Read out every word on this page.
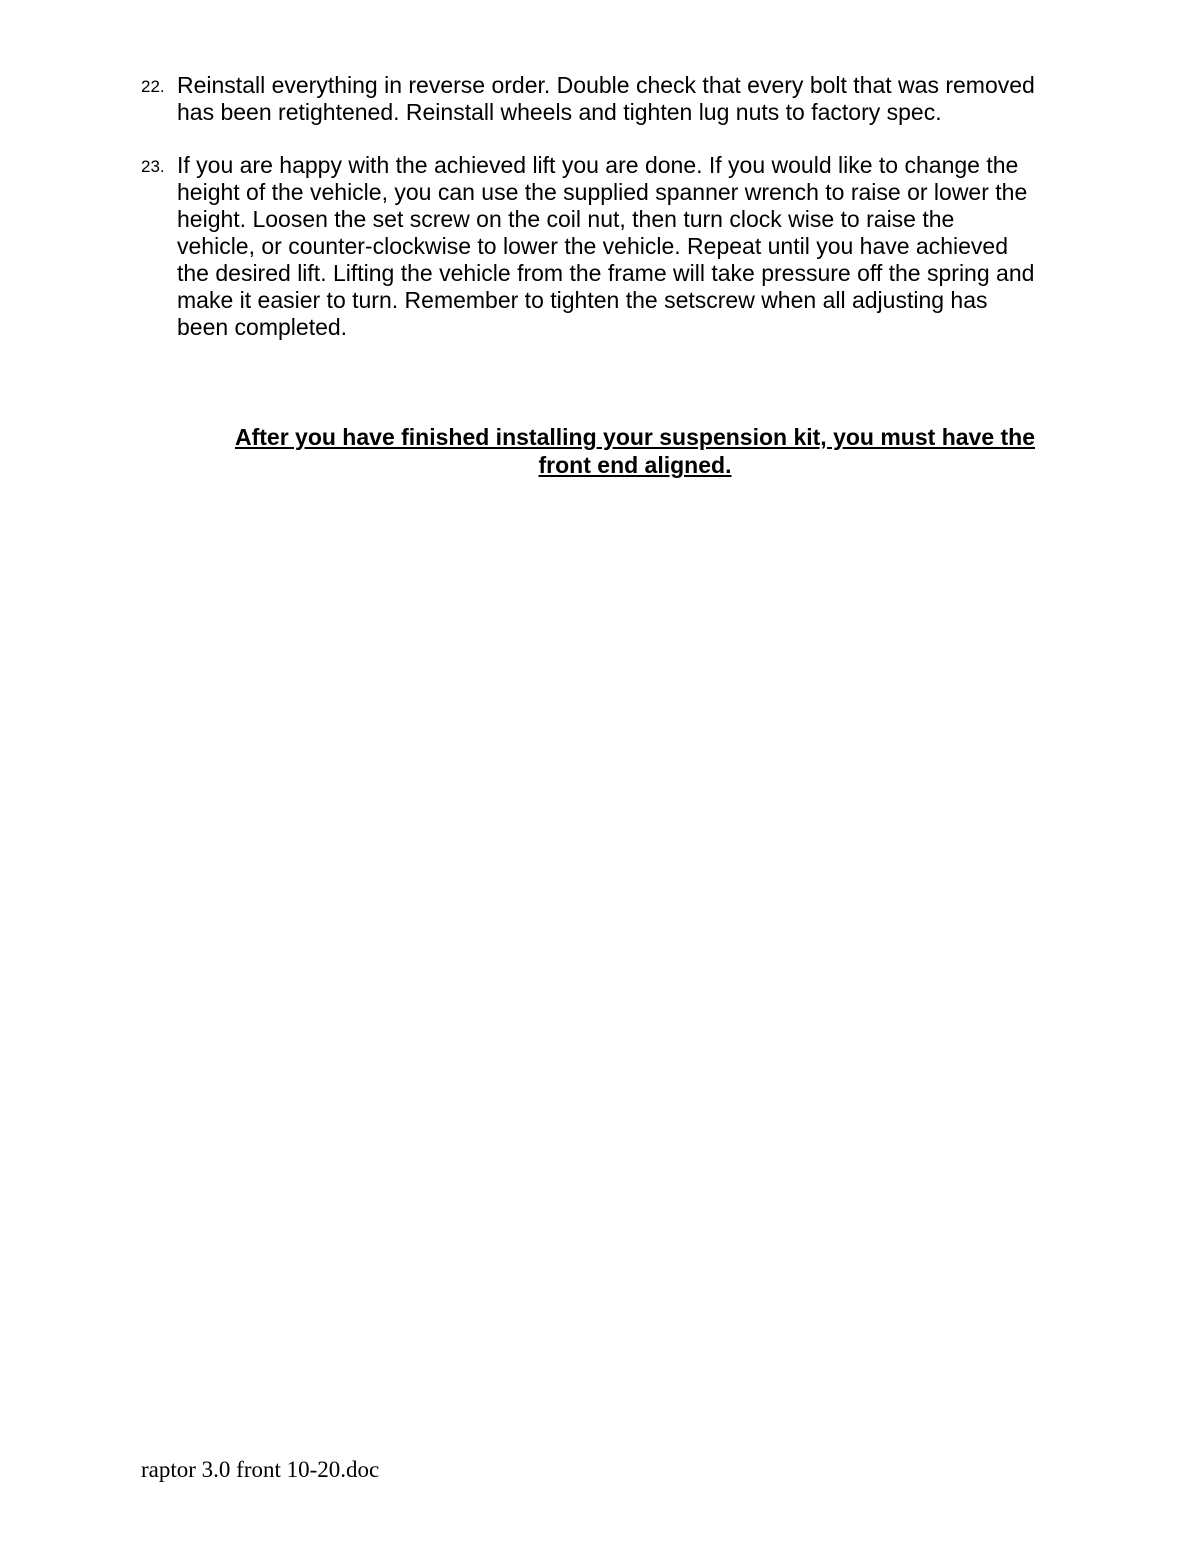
22. Reinstall everything in reverse order. Double check that every bolt that was removed
has been retightened. Reinstall wheels and tighten lug nuts to factory spec.
23. If you are happy with the achieved lift you are done. If you would like to change the
height of the vehicle, you can use the supplied spanner wrench to raise or lower the
height. Loosen the set screw on the coil nut, then turn clock wise to raise the
vehicle, or counter-clockwise to lower the vehicle. Repeat until you have achieved
the desired lift. Lifting the vehicle from the frame will take pressure off the spring and
make it easier to turn. Remember to tighten the setscrew when all adjusting has
been completed.
After you have finished installing your suspension kit, you must have the
front end aligned.
raptor 3.0 front 10-20.doc
